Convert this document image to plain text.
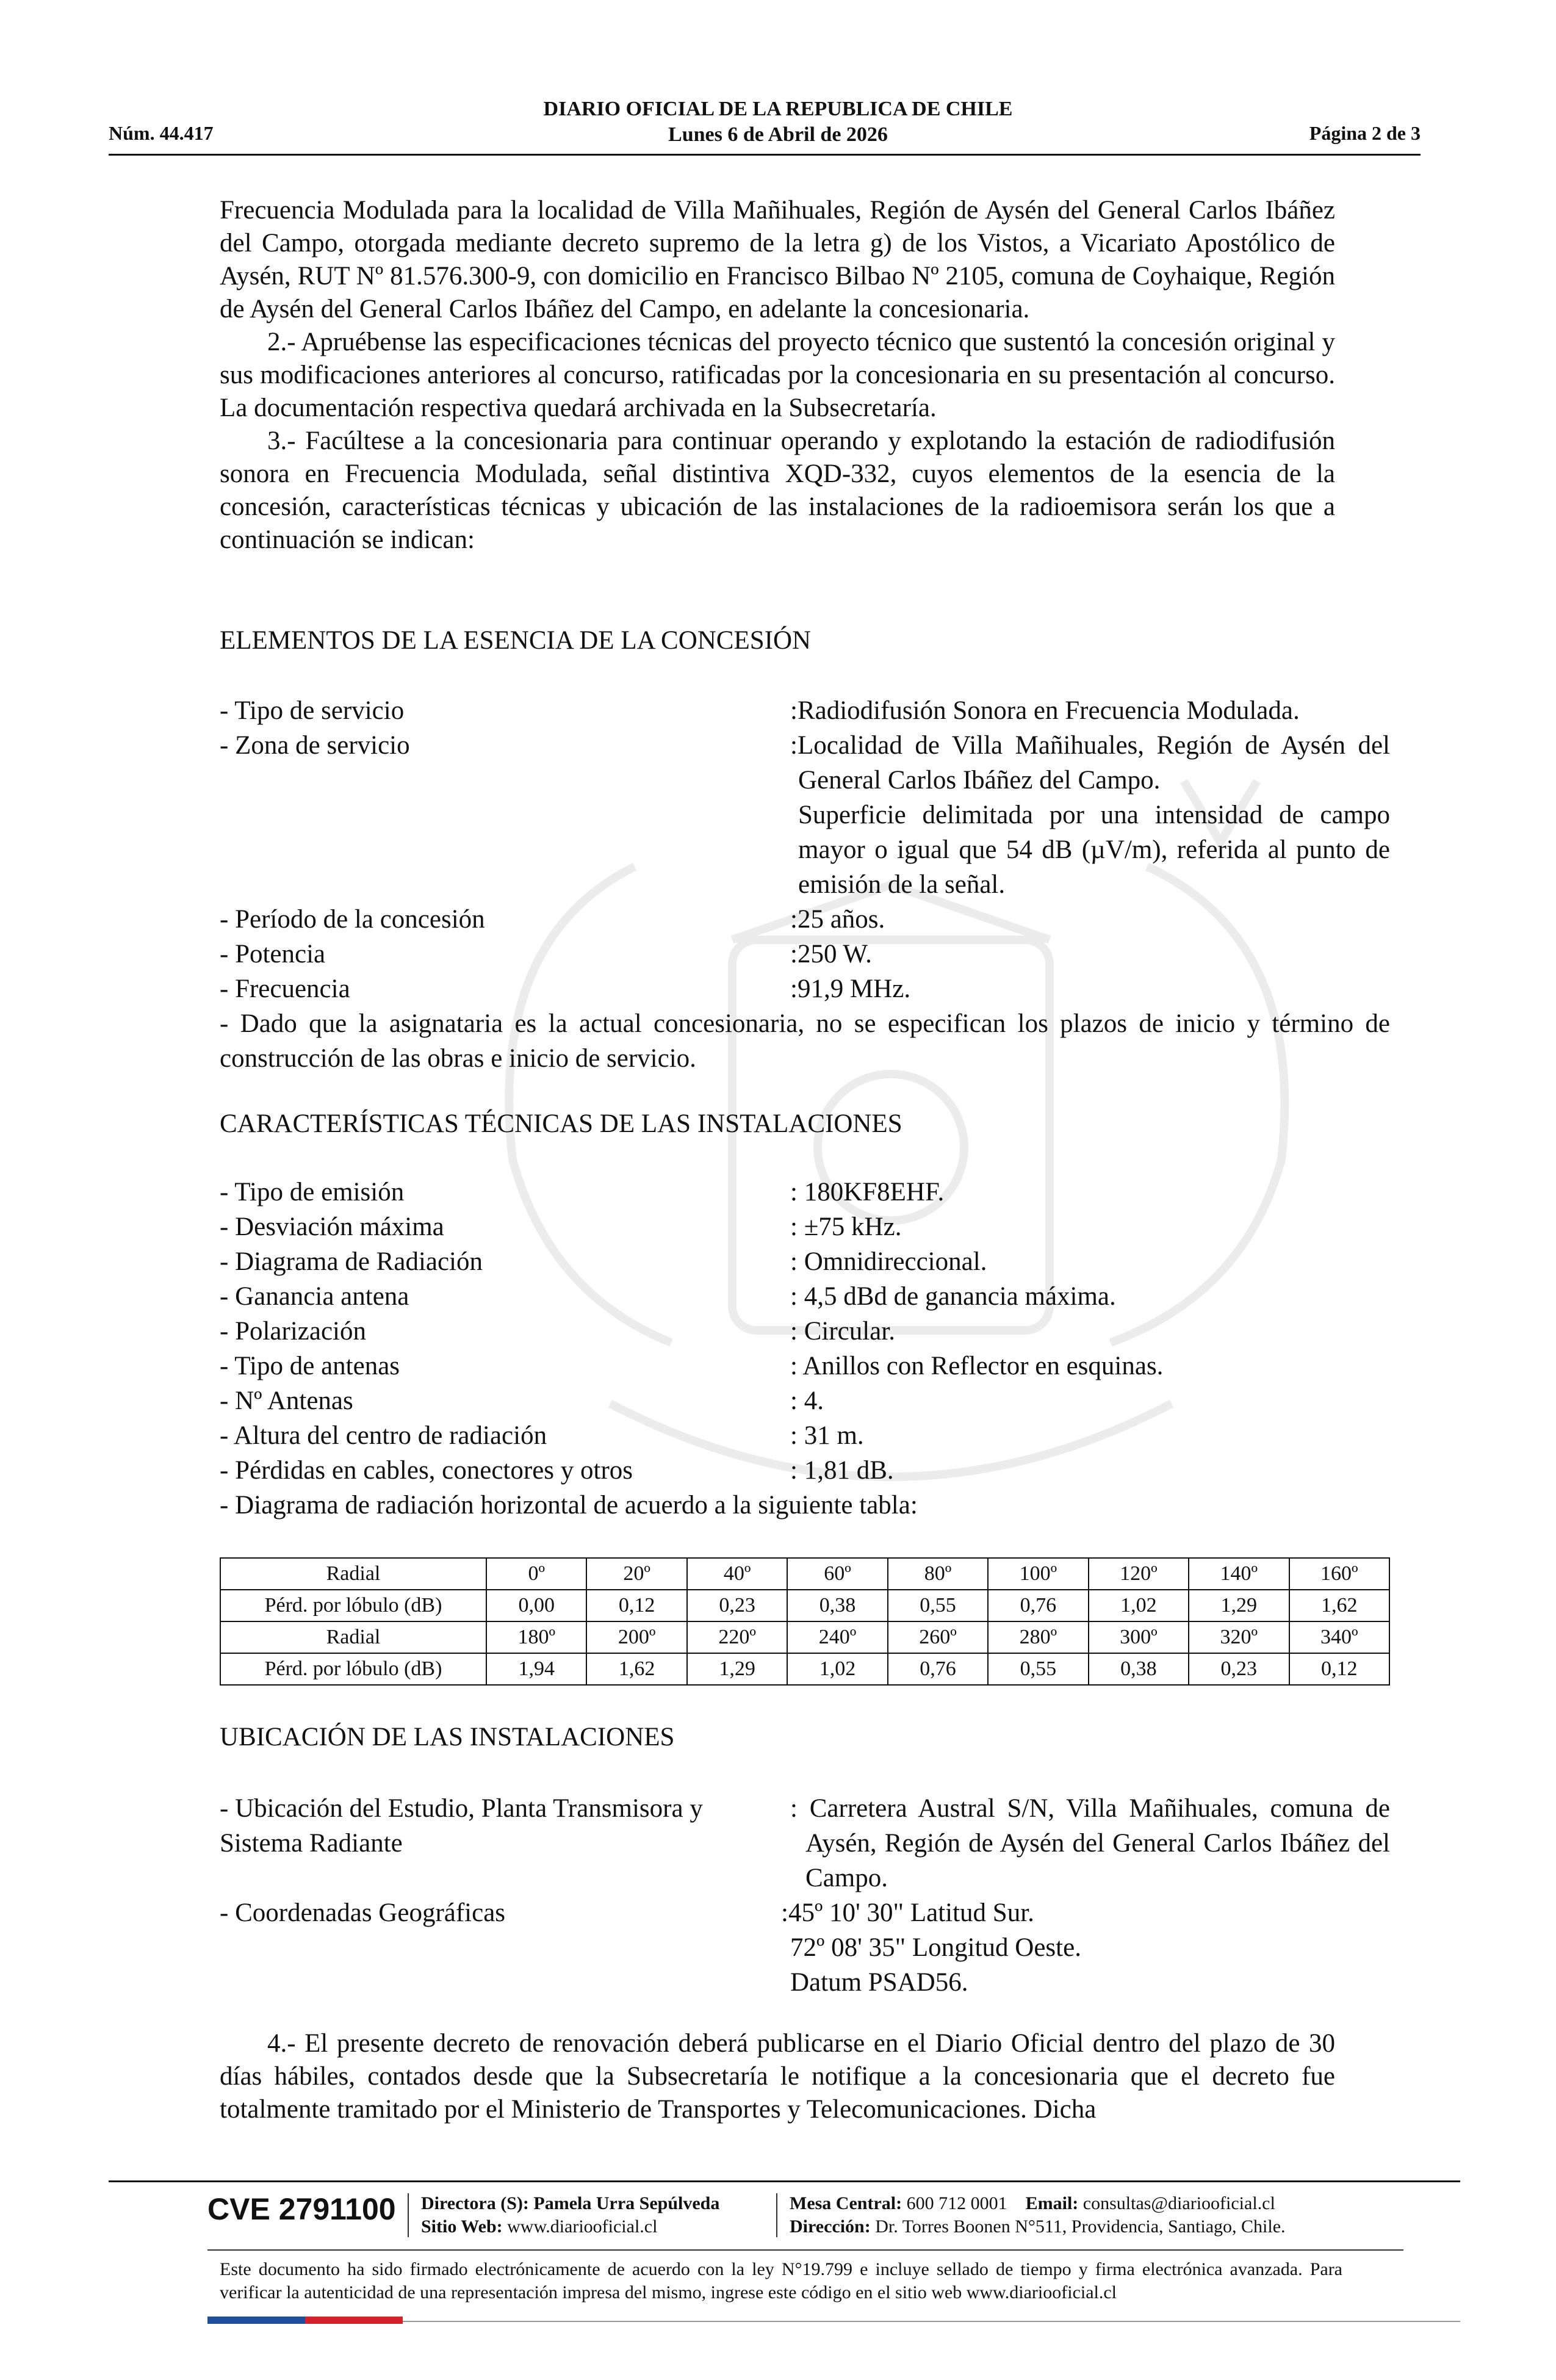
DIARIO OFICIAL DE LA REPUBLICA DE CHILE
Lunes 6 de Abril de 2026
Núm. 44.417	Página 2 de 3

Frecuencia Modulada para la localidad de Villa Mañihuales, Región de Aysén del General Carlos Ibáñez del Campo, otorgada mediante decreto supremo de la letra g) de los Vistos, a Vicariato Apostólico de Aysén, RUT Nº 81.576.300-9, con domicilio en Francisco Bilbao Nº 2105, comuna de Coyhaique, Región de Aysén del General Carlos Ibáñez del Campo, en adelante la concesionaria.

2.- Apruébense las especificaciones técnicas del proyecto técnico que sustentó la concesión original y sus modificaciones anteriores al concurso, ratificadas por la concesionaria en su presentación al concurso. La documentación respectiva quedará archivada en la Subsecretaría.

3.- Facúltese a la concesionaria para continuar operando y explotando la estación de radiodifusión sonora en Frecuencia Modulada, señal distintiva XQD-332, cuyos elementos de la esencia de la concesión, características técnicas y ubicación de las instalaciones de la radioemisora serán los que a continuación se indican:

ELEMENTOS DE LA ESENCIA DE LA CONCESIÓN
- Tipo de servicio	:Radiodifusión Sonora en Frecuencia Modulada.
- Zona de servicio	:Localidad de Villa Mañihuales, Región de Aysén del General Carlos Ibáñez del Campo.
Superficie delimitada por una intensidad de campo mayor o igual que 54 dB (µV/m), referida al punto de emisión de la señal.
- Período de la concesión	:25 años.
- Potencia	:250 W.
- Frecuencia	:91,9 MHz.
- Dado que la asignataria es la actual concesionaria, no se especifican los plazos de inicio y término de construcción de las obras e inicio de servicio.
CARACTERÍSTICAS TÉCNICAS DE LAS INSTALACIONES
- Tipo de emisión	: 180KF8EHF.
- Desviación máxima	: ±75 kHz.
- Diagrama de Radiación	: Omnidireccional.
- Ganancia antena	: 4,5 dBd de ganancia máxima.
- Polarización	: Circular.
- Tipo de antenas	: Anillos con Reflector en esquinas.
- Nº Antenas	: 4.
- Altura del centro de radiación	: 31 m.
- Pérdidas en cables, conectores y otros	: 1,81 dB.
- Diagrama de radiación horizontal de acuerdo a la siguiente tabla:
Radial	0º	20º	40º	60º	80º	100º	120º	140º	160º
Pérd. por lóbulo (dB)	0,00	0,12	0,23	0,38	0,55	0,76	1,02	1,29	1,62
Radial	180º	200º	220º	240º	260º	280º	300º	320º	340º
Pérd. por lóbulo (dB)	1,94	1,62	1,29	1,02	0,76	0,55	0,38	0,23	0,12
UBICACIÓN DE LAS INSTALACIONES
- Ubicación del Estudio, Planta Transmisora y Sistema Radiante
: Carretera Austral S/N, Villa Mañihuales, comuna de Aysén, Región de Aysén del General Carlos Ibáñez del Campo.
- Coordenadas Geográficas	:45º 10' 30" Latitud Sur.
72º 08' 35" Longitud Oeste.
Datum PSAD56.

4.- El presente decreto de renovación deberá publicarse en el Diario Oficial dentro del plazo de 30 días hábiles, contados desde que la Subsecretaría le notifique a la concesionaria que el decreto fue totalmente tramitado por el Ministerio de Transportes y Telecomunicaciones. Dicha

CVE 2791100 Directora (S): Pamela Urra Sepúlveda
Sitio Web: www.diariooficial.cl
Mesa Central: 600 712 0001 Email: consultas@diariooficial.cl
Dirección: Dr. Torres Boonen N°511, Providencia, Santiago, Chile.
Este documento ha sido firmado electrónicamente de acuerdo con la ley N°19.799 e incluye sellado de tiempo y firma electrónica avanzada. Para verificar la autenticidad de una representación impresa del mismo, ingrese este código en el sitio web www.diariooficial.cl
